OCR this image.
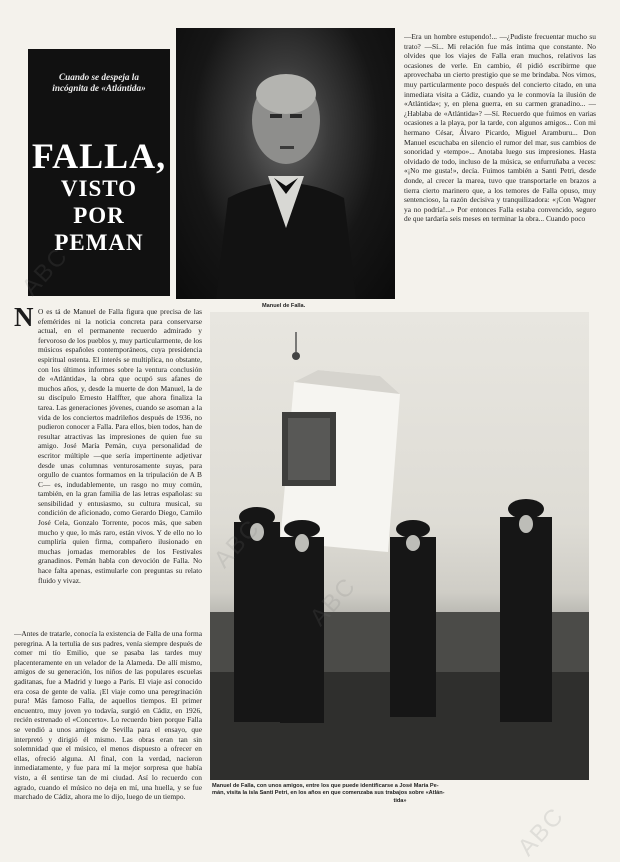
Cuando se despeja la incógnita de «Atlántida»
FALLA,
VISTO
POR
PEMAN
Manuel de Falla.

—Era un hombre estupendo!... —¿Pudiste frecuentar mucho su trato? —Sí... Mi relación fue más íntima que constante. No olvides que los viajes de Falla eran muchos, relativos las ocasiones de verle. En cambio, él pidió escribirme que aprovechaba un cierto prestigio que se me brindaba. Nos vimos, muy particularmente poco después del concierto citado, en una inmediata visita a Cádiz, cuando ya le conmovía la ilusión de «Atlántida»; y, en plena guerra, en su carmen granadino... —¿Hablaba de «Atlántida»? —Sí. Recuerdo que fuimos en varias ocasiones a la playa, por la tarde, con algunos amigos... Con mi hermano César, Álvaro Picardo, Miguel Aramburu... Don Manuel escuchaba en silencio el rumor del mar, sus cambios de sonoridad y «tempo»... Anotaba luego sus impresiones. Hasta olvidado de todo, incluso de la música, se enfurruñaba a veces: «¡No me gusta!», decía. Fuimos también a Santi Petri, desde donde, al crecer la marea, tuvo que transportarle en brazos a tierra cierto marinero que, a los temores de Falla opuso, muy sentencioso, la razón decisiva y tranquilizadora: «¡Con Wagner ya no podría!...» Por entonces Falla estaba convencido, seguro de que tardaría seis meses en terminar la obra... Cuando poco

N O es tá de Manuel de Falla figura que precisa de las efemérides ni la noticia concreta para conservarse actual, en el permanente recuerdo admirado y fervoroso de los pueblos y, muy particularmente, de los músicos españoles contemporáneos, cuya presidencia espiritual ostenta. El interés se multiplica, no obstante, con los últimos informes sobre la ventura conclusión de «Atlántida», la obra que ocupó sus afanes de muchos años, y, desde la muerte de don Manuel, la de su discípulo Ernesto Halffter, que ahora finaliza la tarea. Las generaciones jóvenes, cuando se asoman a la vida de los conciertos madrileños después de 1936, no pudieron conocer a Falla. Para ellos, bien todos, han de resultar atractivas las impresiones de quien fue su amigo. José María Pemán, cuya personalidad de escritor múltiple —que sería impertinente adjetivar desde unas columnas venturosamente suyas, para orgullo de cuantos formamos en la tripulación de A B C— es, indudablemente, un rasgo no muy común, también, en la gran familia de las letras españolas: su sensibilidad y entusiasmo, su cultura musical, su condición de aficionado, como Gerardo Diego, Camilo José Cela, Gonzalo Torrente, pocos más, que saben mucho y que, lo más raro, están vivos. Y de ello no lo cumpliría quien firma, compañero ilusionado en muchas jornadas memorables de los Festivales granadinos. Pemán habla con devoción de Falla. No hace falta apenas, estimularle con preguntas su relato fluido y vivaz.

—Antes de tratarle, conocía la existencia de Falla de una forma peregrina. A la tertulia de sus padres, venía siempre después de comer mi tío Emilio, que se pasaba las tardes muy placenteramente en un velador de la Alameda. De allí mismo, amigos de su generación, los niños de las populares escuelas gaditanas, fue a Madrid y luego a París. El viaje así conocido era cosa de gente de valía. ¡El viaje como una peregrinación pura! Más famoso Falla, de aquellos tiempos. El primer encuentro, muy joven yo todavía, surgió en Cádiz, en 1926, recién estrenado el «Concerto». Lo recuerdo bien porque Falla se vendió a unos amigos de Sevilla para el ensayo, que interpretó y dirigió él mismo. Las obras eran tan sin solemnidad que el músico, el menos dispuesto a ofrecer en ellas, ofreció alguna. Al final, con la verdad, nacieron inmediatamente, y fue para mí la mejor sorpresa que había visto, a él sentirse tan de mi ciudad. Así lo recuerdo con agrado, cuando el músico no deja en mí, una huella, y se fue marchado de Cádiz, ahora me lo dijo, luego de un tiempo.

Manuel de Falla, con unos amigos, entre los que puede identificarse a José María Pe-
mán, visita la isla Santi Petri, en los años en que comenzaba sus trabajos sobre «Atlán-
tida»
ABC
ABC
ABC
ABC
